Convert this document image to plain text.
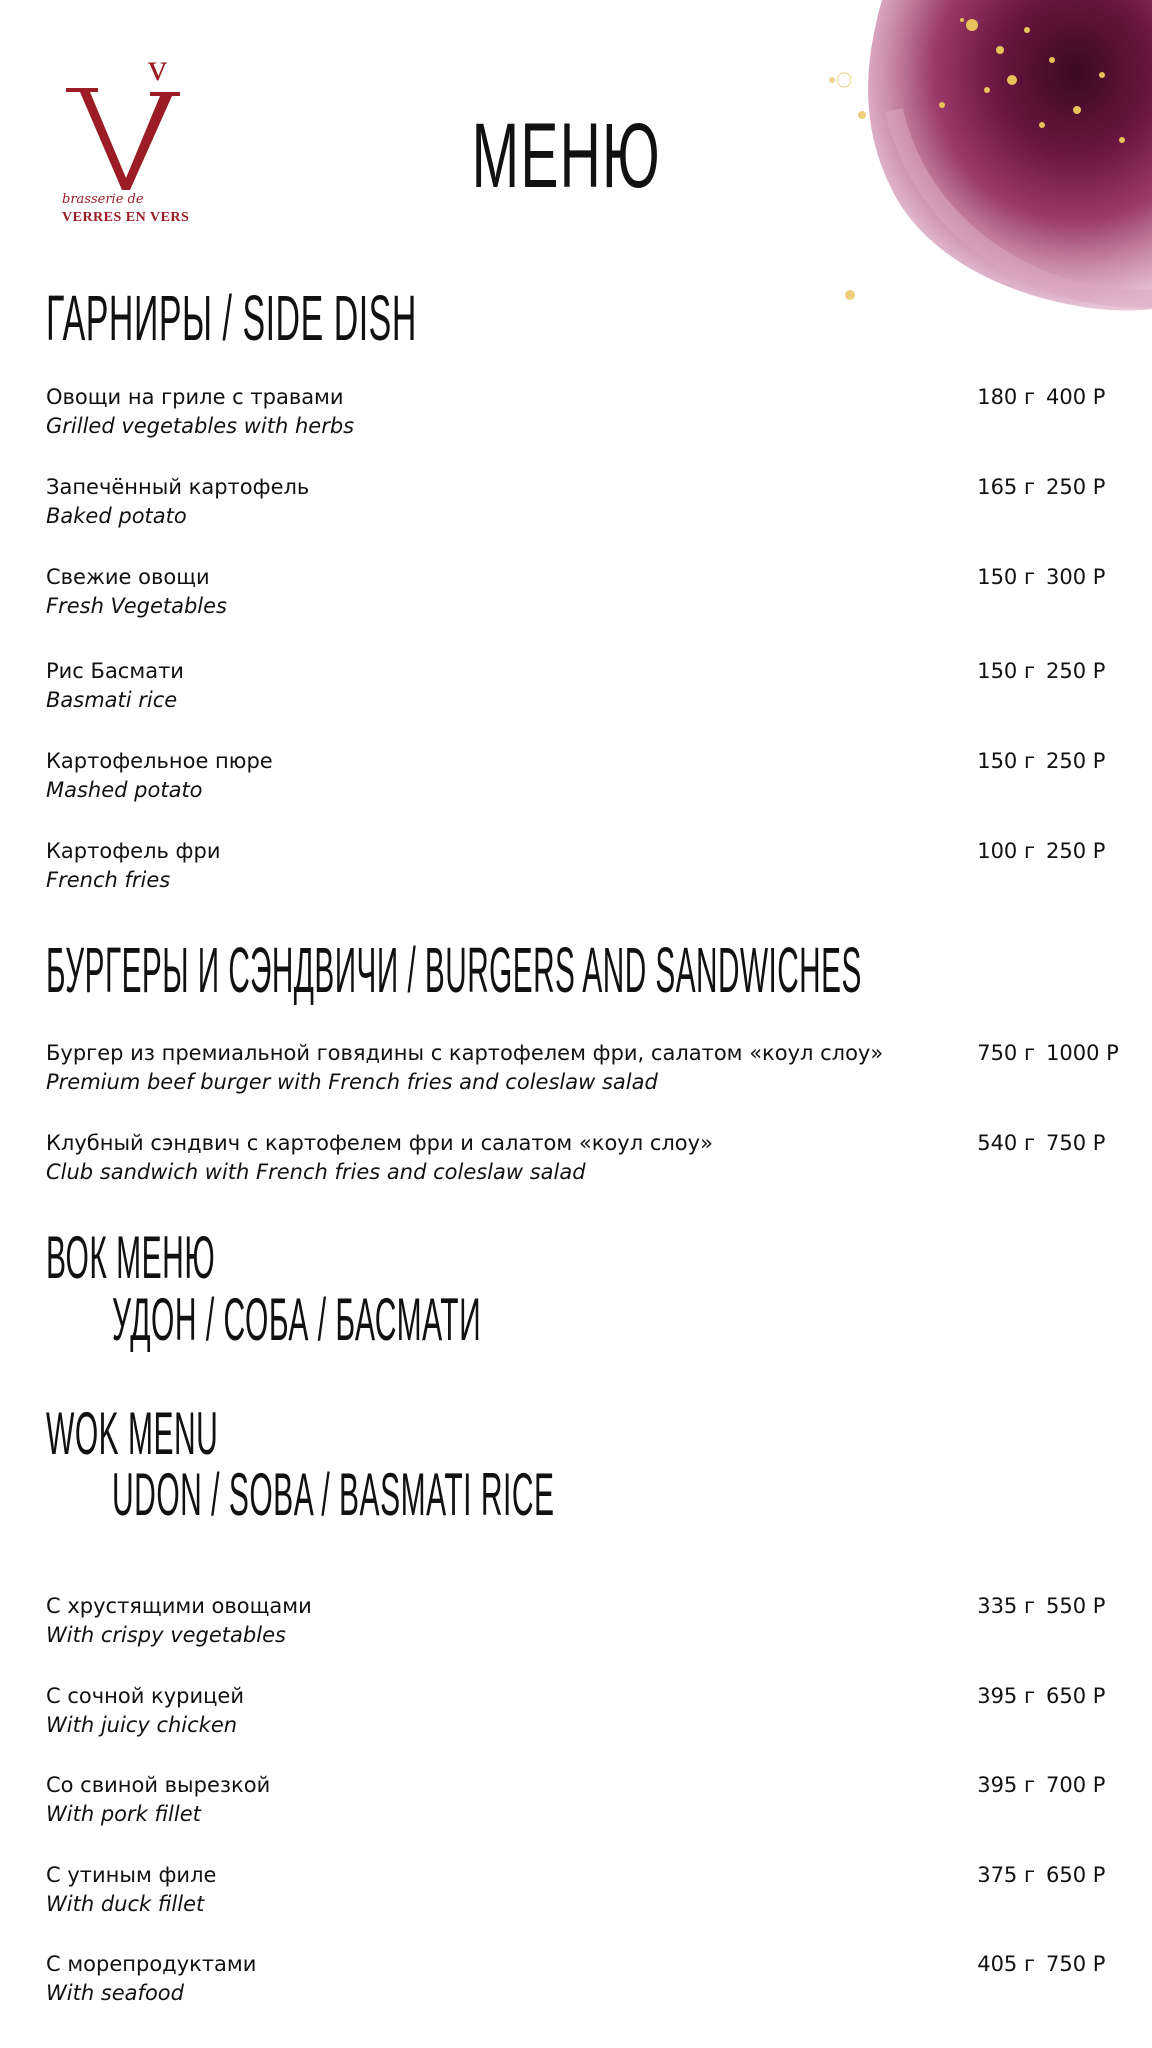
v
brasserie de
VERRES EN VERS
МЕНЮ
ГАРНИРЫ / SIDE DISH
Овощи на гриле с травами
Grilled vegetables with herbs
180 г 400 Р
Запечённый картофель
Baked potato
165 г 250 Р
Свежие овощи
Fresh Vegetables
150 г 300 Р
Рис Басмати
Basmati rice
150 г 250 Р
Картофельное пюре
Mashed potato
150 г 250 Р
Картофель фри
French fries
100 г 250 Р
БУРГЕРЫ И СЭНДВИЧИ / BURGERS AND SANDWICHES
Бургер из премиальной говядины с картофелем фри, салатом «коул слоу»
Premium beef burger with French fries and coleslaw salad
750 г 1000 Р
Клубный сэндвич с картофелем фри и салатом «коул слоу»
Club sandwich with French fries and coleslaw salad
540 г 750 Р
ВОК МЕНЮ
УДОН / СОБА / БАСМАТИ
WOK MENU
UDON / SOBA / BASMATI RICE
С хрустящими овощами
With crispy vegetables
335 г 550 Р
С сочной курицей
With juicy chicken
395 г 650 Р
Со свиной вырезкой
With pork fillet
395 г 700 Р
С утиным филе
With duck fillet
375 г 650 Р
С морепродуктами
With seafood
405 г 750 Р
